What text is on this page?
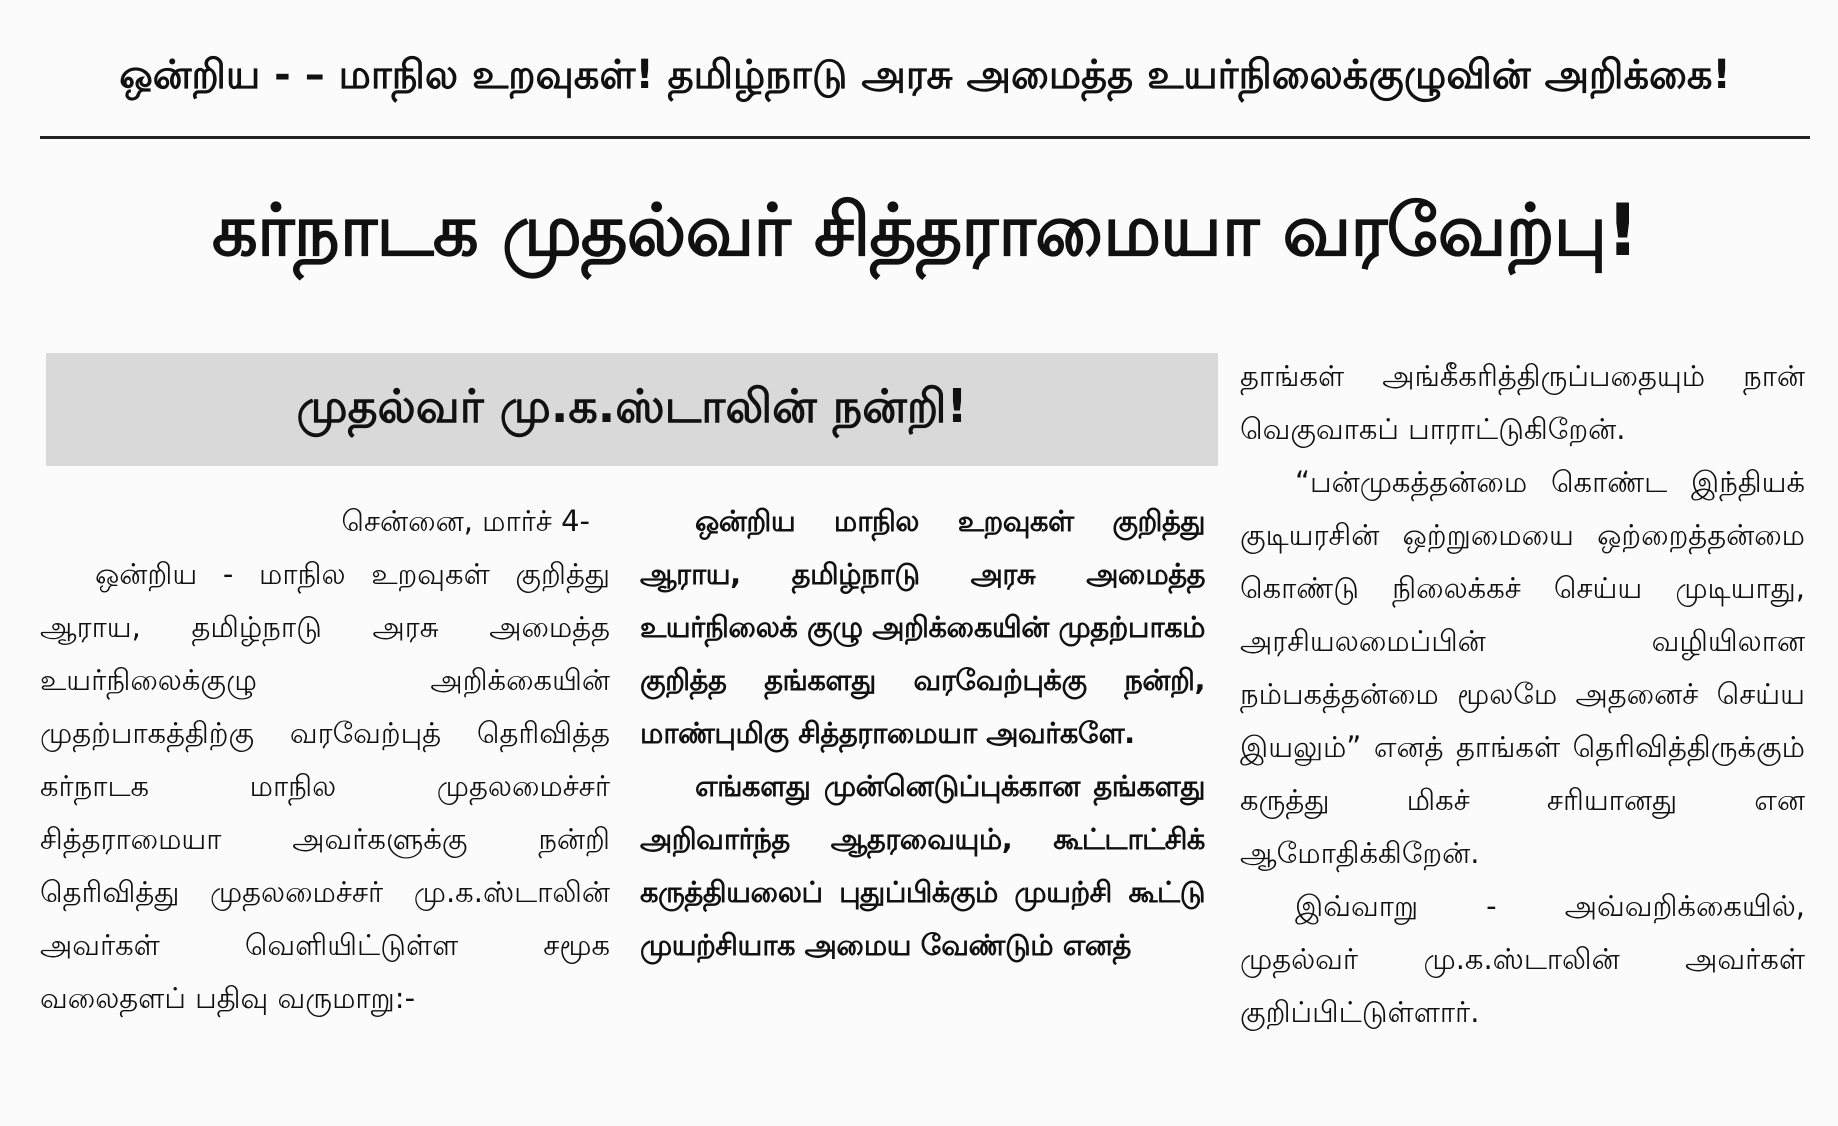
ஒன்றிய - – மாநில உறவுகள்! தமிழ்நாடு அரசு அமைத்த உயர்நிலைக்குழுவின் அறிக்கை!
கர்நாடக முதல்வர் சித்தராமையா வரவேற்பு!
முதல்வர் மு.க.ஸ்டாலின் நன்றி!

சென்னை, மார்ச் 4-

ஒன்றிய - மாநில உறவுகள் குறித்து ஆராய, தமிழ்நாடு அரசு அமைத்த உயர்நிலைக்குழு அறிக்கையின் முதற்பாகத்திற்கு வரவேற்புத் தெரிவித்த கர்நாடக மாநில முதலமைச்சர் சித்தராமையா அவர்களுக்கு நன்றி தெரிவித்து முதலமைச்சர் மு.க.ஸ்டாலின் அவர்கள் வெளியிட்டுள்ள சமூக வலைதளப் பதிவு வருமாறு:-

ஒன்றிய மாநில உறவுகள் குறித்து ஆராய, தமிழ்நாடு அரசு அமைத்த உயர்நிலைக் குழு அறிக்கையின் முதற்பாகம் குறித்த தங்களது வரவேற்புக்கு நன்றி, மாண்புமிகு சித்தராமையா அவர்களே.

எங்களது முன்னெடுப்புக்கான தங்களது அறிவார்ந்த ஆதரவையும், கூட்டாட்சிக் கருத்தியலைப் புதுப்பிக்கும் முயற்சி கூட்டு முயற்சியாக அமைய வேண்டும் எனத்

தாங்கள் அங்கீகரித்திருப்பதையும் நான் வெகுவாகப் பாராட்டுகிறேன்.

“பன்முகத்தன்மை கொண்ட இந்தியக் குடியரசின் ஒற்றுமையை ஒற்றைத்தன்மை கொண்டு நிலைக்கச் செய்ய முடியாது, அரசியலமைப்பின் வழியிலான நம்பகத்தன்மை மூலமே அதனைச் செய்ய இயலும்” எனத் தாங்கள் தெரிவித்திருக்கும் கருத்து மிகச் சரியானது என ஆமோதிக்கிறேன்.

இவ்வாறு - அவ்வறிக்கையில், முதல்வர் மு.க.ஸ்டாலின் அவர்கள் குறிப்பிட்டுள்ளார்.
